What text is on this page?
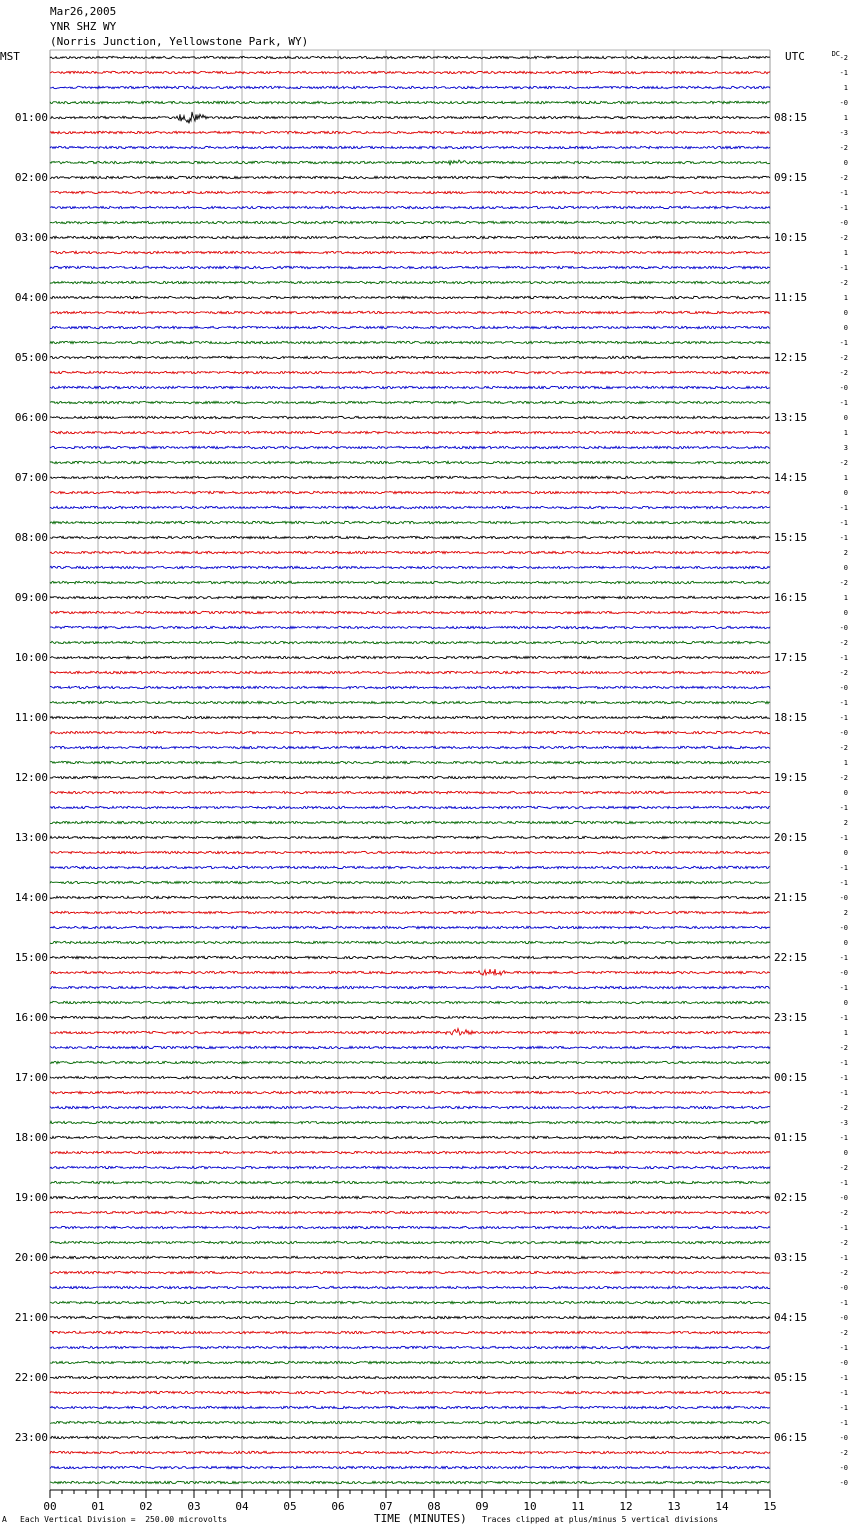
Mar26,2005
YNR SHZ WY
(Norris Junction, Yellowstone Park, WY)
MST	UTC	DC -2
-1
1
-0
1
-3
-2
0
-2
-1
-1
-0
-2
1
-1
-2
1
0
0
-1
-2
-2
-0
-1
0
1
3
-2
1
0
-1
-1
-1
2
0
-2
1
0
-0
-2
-1
-2
-0
-1
-1
-0
-2
1
-2
0
-1
2
-1
0
-1
-1
-0
2
-0
0
-1
-0
-1
0
-1
1
-2
-1
-1
-1
-2
-3
-1
0
-2
-1
-0
-2
-1
-2
-1
-2
-0
-1
-0
-2
-1
-0
-1
-1
-1
-1
-0
-2
-0
-0
01:00
02:00
03:00
04:00
05:00
06:00
07:00
08:00
09:00
10:00
11:00
12:00
13:00
14:00
15:00
16:00
17:00
18:00
19:00
20:00
21:00
22:00
23:00
08:15
09:15
10:15
11:15
12:15
13:15
14:15
15:15
16:15
17:15
18:15
19:15
20:15
21:15
22:15
23:15
00:15
01:15
02:15
03:15
04:15
05:15
06:15
00	01	02	03	04	05	06	07	08	09	10	11	12	13	14	15
A Each Vertical Division =  250.00 microvolts	TIME (MINUTES) Traces clipped at plus/minus 5 vertical divisions
